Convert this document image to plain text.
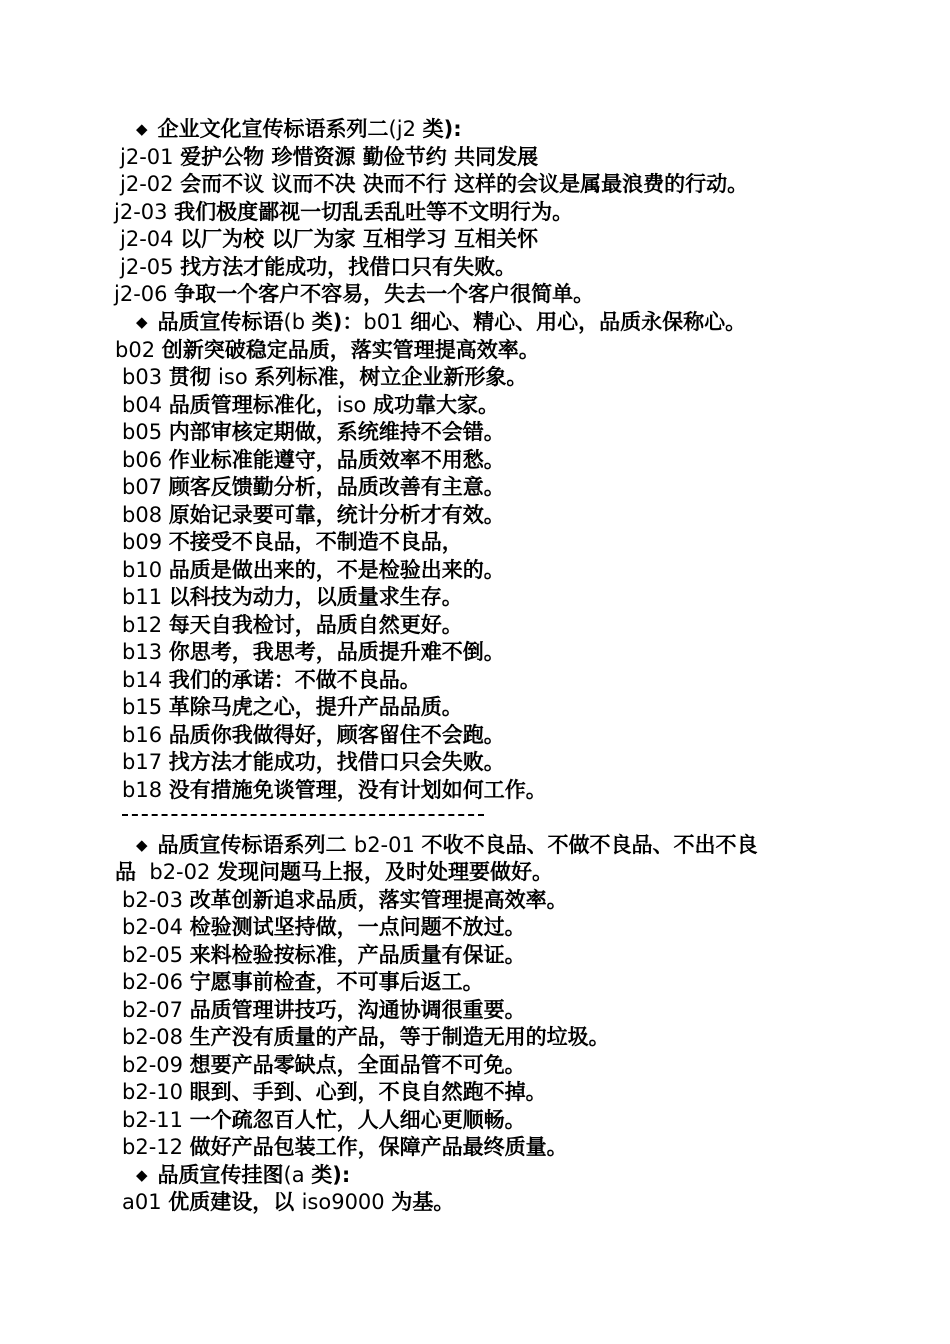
◆ 企业文化宣传标语系列二(j2 类):
j2-01 爱护公物 珍惜资源 勤俭节约 共同发展
j2-02 会而不议 议而不决 决而不行 这样的会议是属最浪费的行动。
j2-03 我们极度鄙视一切乱丢乱吐等不文明行为。
j2-04 以厂为校 以厂为家 互相学习 互相关怀
j2-05 找方法才能成功，找借口只有失败。
j2-06 争取一个客户不容易，失去一个客户很简单。
◆ 品质宣传标语(b 类)：b01 细心、精心、用心，品质永保称心。
b02 创新突破稳定品质，落实管理提高效率。
b03 贯彻 iso 系列标准，树立企业新形象。
b04 品质管理标准化，iso 成功靠大家。
b05 内部审核定期做，系统维持不会错。
b06 作业标准能遵守，品质效率不用愁。
b07 顾客反馈勤分析，品质改善有主意。
b08 原始记录要可靠，统计分析才有效。
b09 不接受不良品，不制造不良品，
b10 品质是做出来的，不是检验出来的。
b11 以科技为动力，以质量求生存。
b12 每天自我检讨，品质自然更好。
b13 你思考，我思考，品质提升难不倒。
b14 我们的承诺：不做不良品。
b15 革除马虎之心，提升产品品质。
b16 品质你我做得好，顾客留住不会跑。
b17 找方法才能成功，找借口只会失败。
b18 没有措施免谈管理，没有计划如何工作。
◆ 品质宣传标语系列二 b2-01 不收不良品、不做不良品、不出不良
品 b2-02 发现问题马上报，及时处理要做好。
b2-03 改革创新追求品质，落实管理提高效率。
b2-04 检验测试坚持做，一点问题不放过。
b2-05 来料检验按标准，产品质量有保证。
b2-06 宁愿事前检查，不可事后返工。
b2-07 品质管理讲技巧，沟通协调很重要。
b2-08 生产没有质量的产品，等于制造无用的垃圾。
b2-09 想要产品零缺点，全面品管不可免。
b2-10 眼到、手到、心到，不良自然跑不掉。
b2-11 一个疏忽百人忙，人人细心更顺畅。
b2-12 做好产品包装工作，保障产品最终质量。
◆ 品质宣传挂图(a 类):
a01 优质建设，以 iso9000 为基。
